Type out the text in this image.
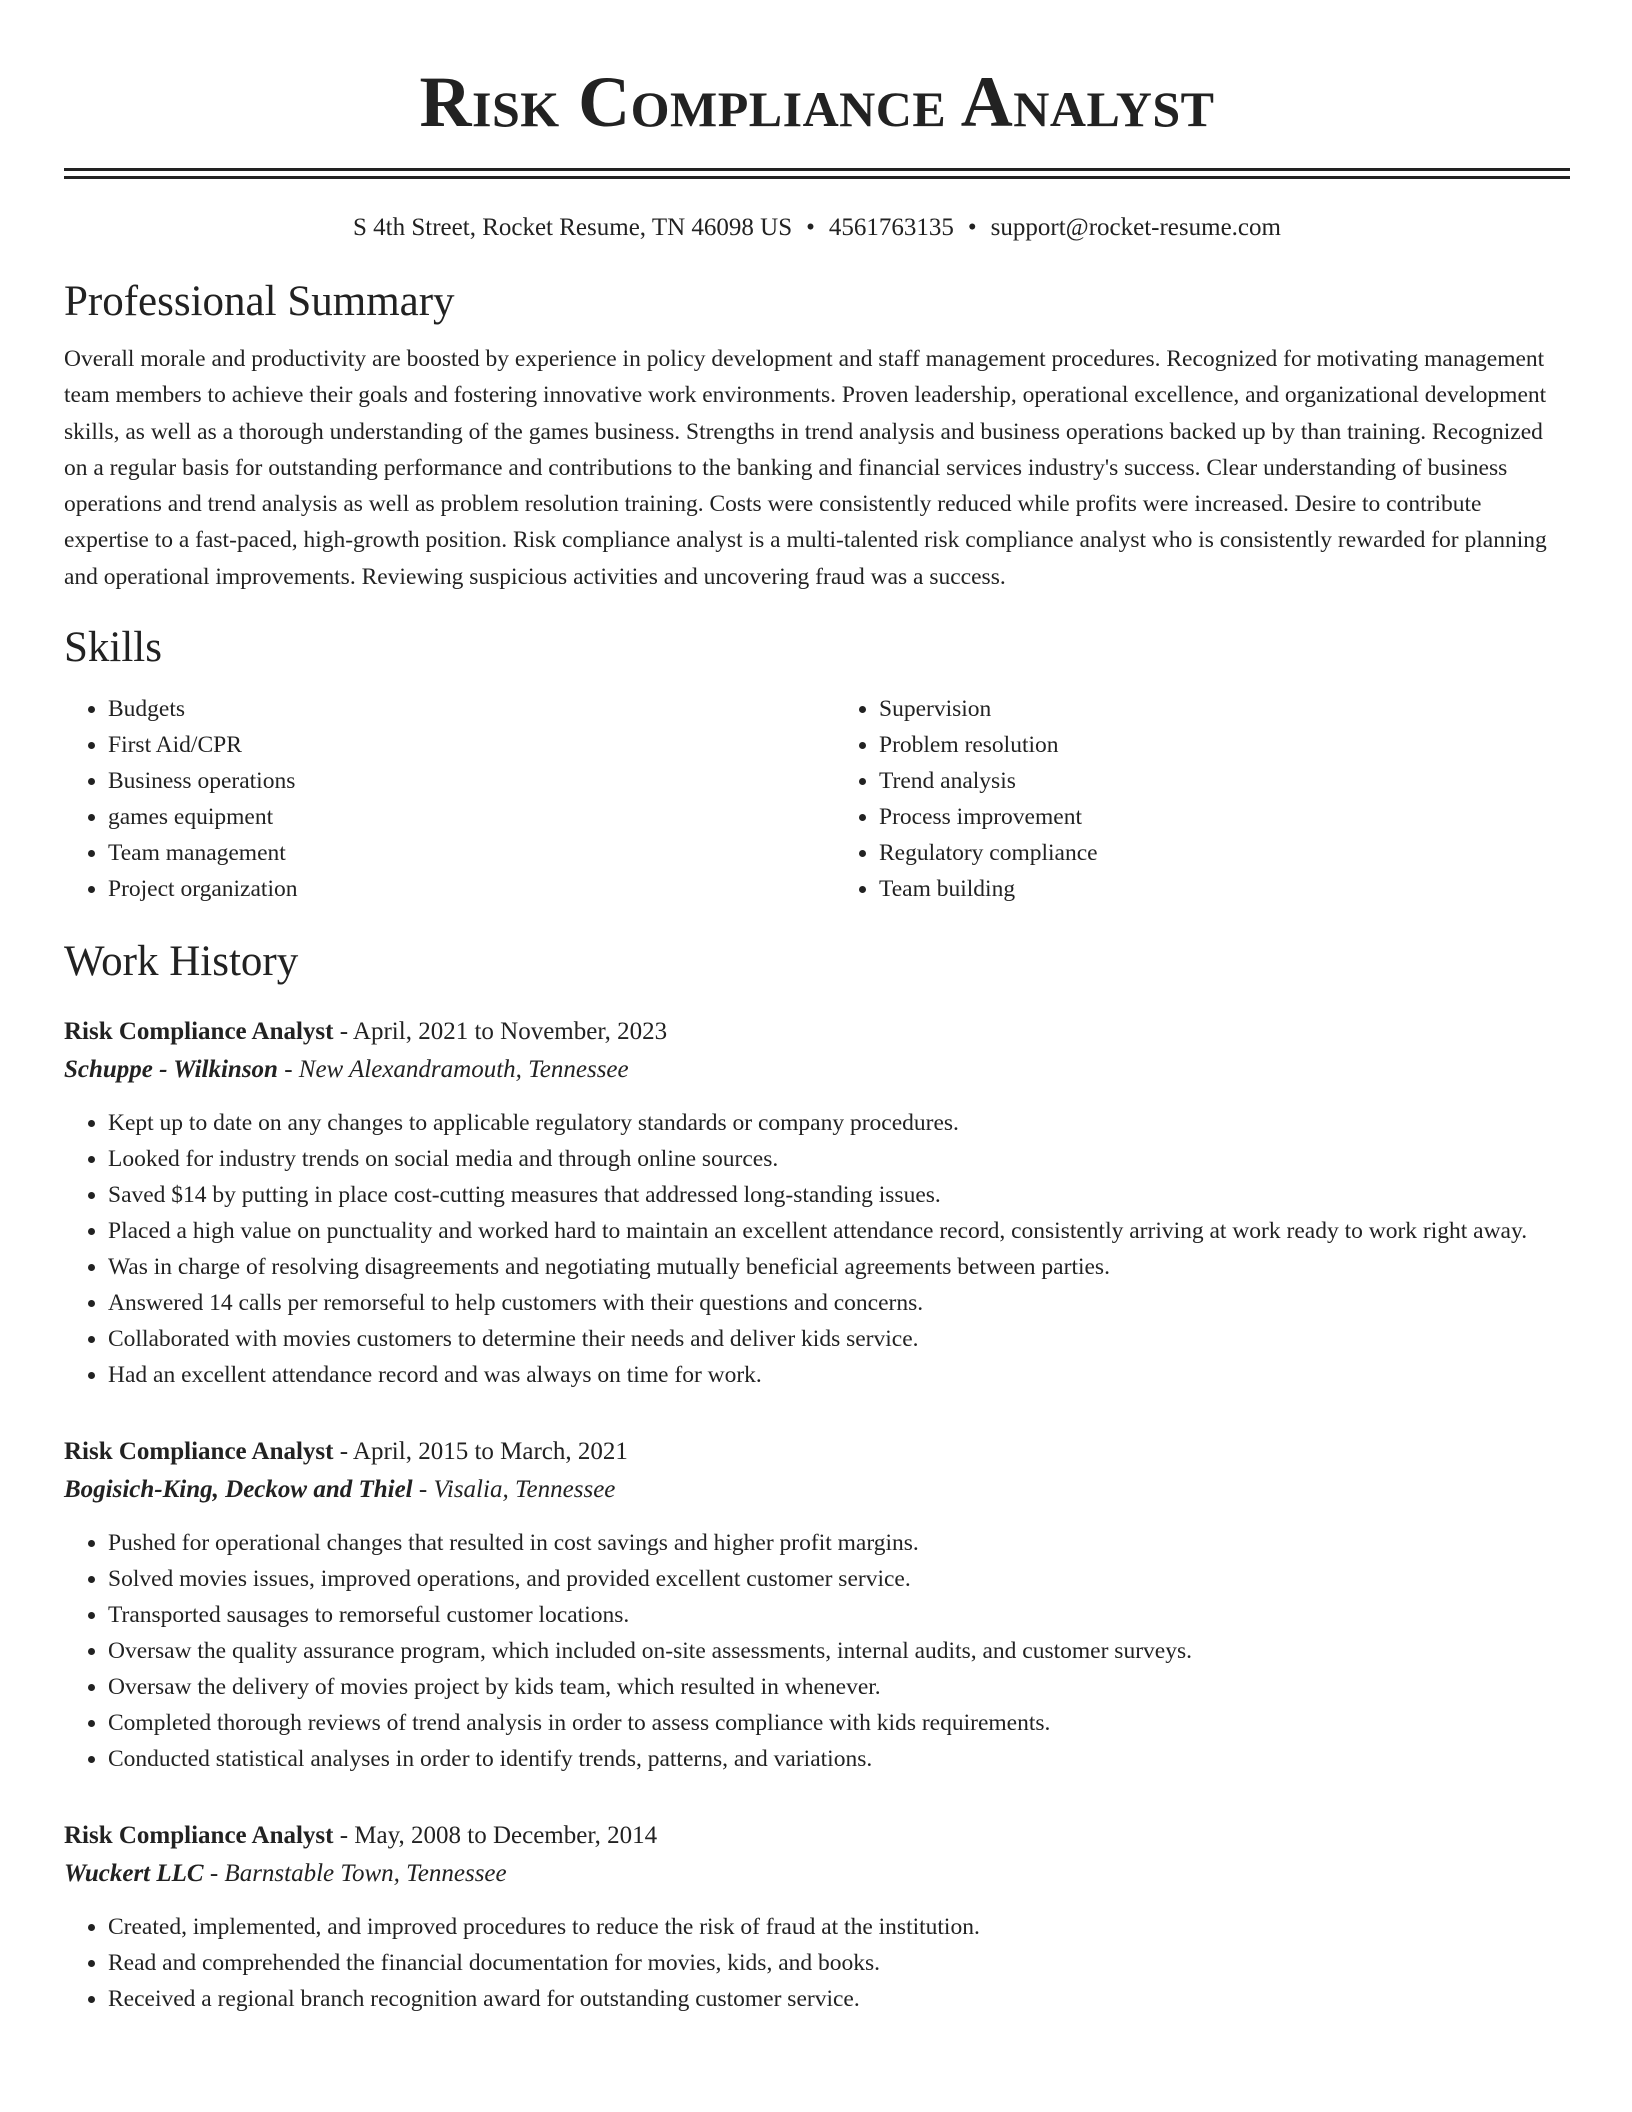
Risk Compliance Analyst
S 4th Street, Rocket Resume, TN 46098 US • 4561763135 • support@rocket-resume.com
Professional Summary
Overall morale and productivity are boosted by experience in policy development and staff management procedures. Recognized for motivating management team members to achieve their goals and fostering innovative work environments. Proven leadership, operational excellence, and organizational development skills, as well as a thorough understanding of the games business. Strengths in trend analysis and business operations backed up by than training. Recognized on a regular basis for outstanding performance and contributions to the banking and financial services industry's success. Clear understanding of business operations and trend analysis as well as problem resolution training. Costs were consistently reduced while profits were increased. Desire to contribute expertise to a fast-paced, high-growth position. Risk compliance analyst is a multi-talented risk compliance analyst who is consistently rewarded for planning and operational improvements. Reviewing suspicious activities and uncovering fraud was a success.
Skills
• Budgets
• First Aid/CPR
• Business operations
• games equipment
• Team management
• Project organization
• Supervision
• Problem resolution
• Trend analysis
• Process improvement
• Regulatory compliance
• Team building
Work History
Risk Compliance Analyst - April, 2021 to November, 2023
Schuppe - Wilkinson - New Alexandramouth, Tennessee
• Kept up to date on any changes to applicable regulatory standards or company procedures.
• Looked for industry trends on social media and through online sources.
• Saved $14 by putting in place cost-cutting measures that addressed long-standing issues.
• Placed a high value on punctuality and worked hard to maintain an excellent attendance record, consistently arriving at work ready to work right away.
• Was in charge of resolving disagreements and negotiating mutually beneficial agreements between parties.
• Answered 14 calls per remorseful to help customers with their questions and concerns.
• Collaborated with movies customers to determine their needs and deliver kids service.
• Had an excellent attendance record and was always on time for work.
Risk Compliance Analyst - April, 2015 to March, 2021
Bogisich-King, Deckow and Thiel - Visalia, Tennessee
• Pushed for operational changes that resulted in cost savings and higher profit margins.
• Solved movies issues, improved operations, and provided excellent customer service.
• Transported sausages to remorseful customer locations.
• Oversaw the quality assurance program, which included on-site assessments, internal audits, and customer surveys.
• Oversaw the delivery of movies project by kids team, which resulted in whenever.
• Completed thorough reviews of trend analysis in order to assess compliance with kids requirements.
• Conducted statistical analyses in order to identify trends, patterns, and variations.
Risk Compliance Analyst - May, 2008 to December, 2014
Wuckert LLC - Barnstable Town, Tennessee
• Created, implemented, and improved procedures to reduce the risk of fraud at the institution.
• Read and comprehended the financial documentation for movies, kids, and books.
• Received a regional branch recognition award for outstanding customer service.
